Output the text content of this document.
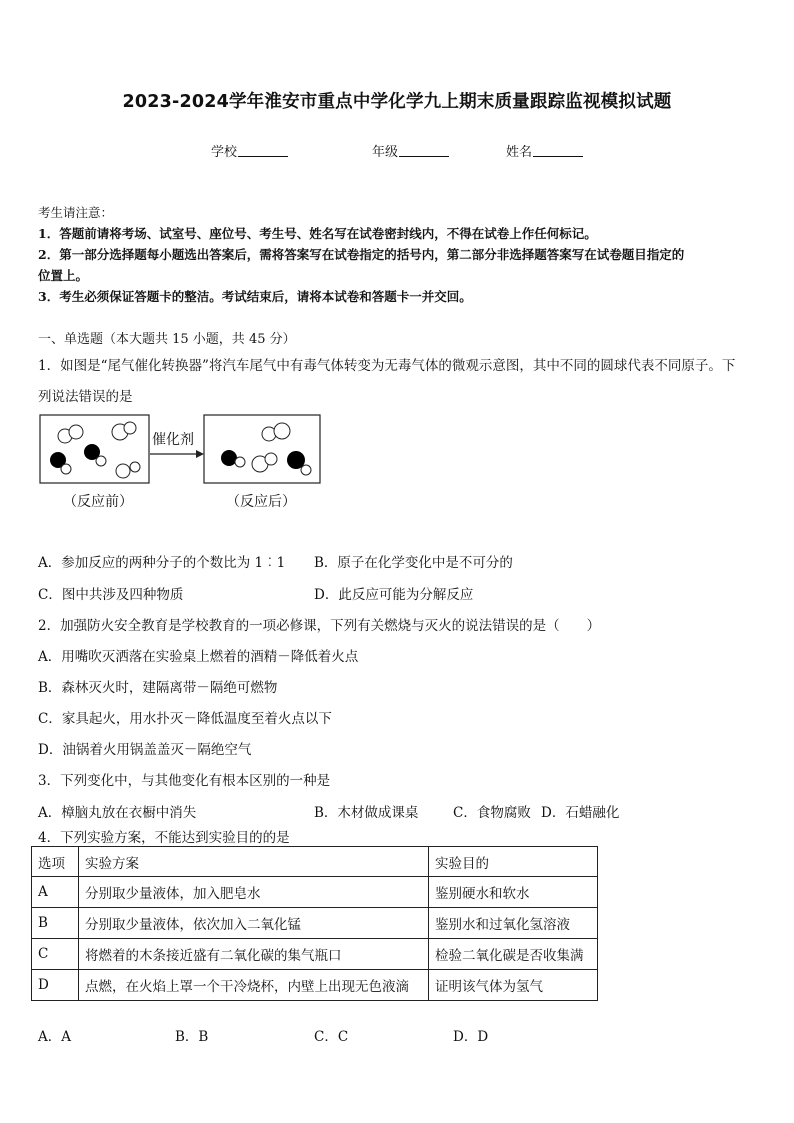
2023-2024学年淮安市重点中学化学九上期末质量跟踪监视模拟试题
学校	年级	姓名
考生请注意：
1．答题前请将考场、试室号、座位号、考生号、姓名写在试卷密封线内，不得在试卷上作任何标记。
2．第一部分选择题每小题选出答案后，需将答案写在试卷指定的括号内，第二部分非选择题答案写在试卷题目指定的
位置上。
3．考生必须保证答题卡的整洁。考试结束后，请将本试卷和答题卡一并交回。
一、单选题（本大题共 15 小题，共 45 分）
1．如图是“尾气催化转换器”将汽车尾气中有毒气体转变为无毒气体的微观示意图，其中不同的圆球代表不同原子。下
列说法错误的是
催化剂
（反应前）	（反应后）
A．参加反应的两种分子的个数比为 1︰1 B．原子在化学变化中是不可分的
C．图中共涉及四种物质	D．此反应可能为分解反应
2．加强防火安全教育是学校教育的一项必修课，下列有关燃烧与灭火的说法错误的是（　　）
A．用嘴吹灭洒落在实验桌上燃着的酒精－降低着火点
B．森林灭火时，建隔离带－隔绝可燃物
C．家具起火，用水扑灭－降低温度至着火点以下
D．油锅着火用锅盖盖灭－隔绝空气
3．下列变化中，与其他变化有根本区别的一种是
A．樟脑丸放在衣橱中消失	B．木材做成课桌	C．食物腐败 D．石蜡融化
4．下列实验方案，不能达到实验目的的是
选项	实验方案	实验目的
A	分别取少量液体，加入肥皂水	鉴别硬水和软水
B	分别取少量液体，依次加入二氧化锰	鉴别水和过氧化氢溶液
C	将燃着的木条接近盛有二氧化碳的集气瓶口	检验二氧化碳是否收集满
D	点燃，在火焰上罩一个干冷烧杯，内壁上出现无色液滴	证明该气体为氢气
A．A	B．B	C．C	D．D
